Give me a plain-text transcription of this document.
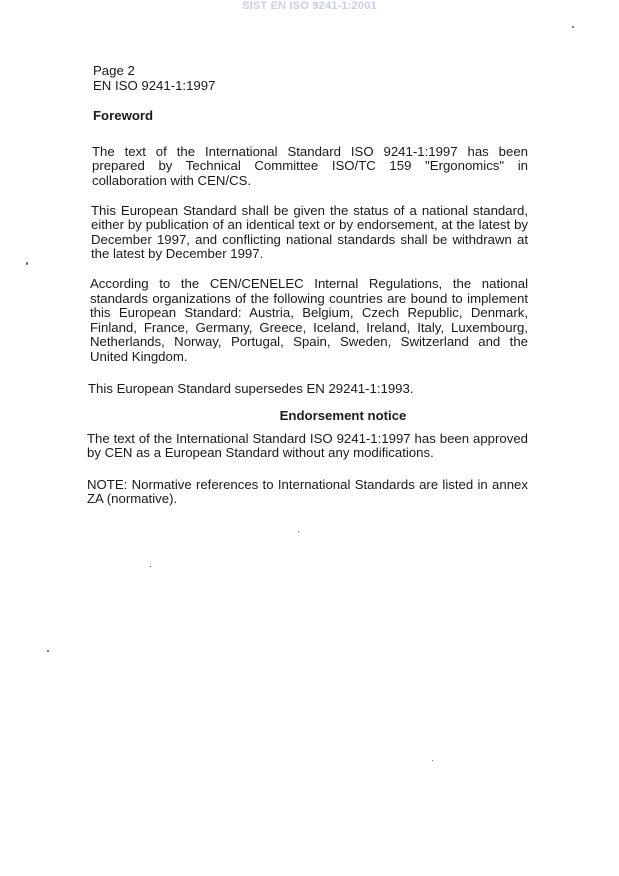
SIST EN ISO 9241-1:2001
Page 2
EN ISO 9241-1:1997
Foreword

The text of the International Standard ISO 9241-1:1997 has been prepared by Technical Committee ISO/TC 159 "Ergonomics" in collaboration with CEN/CS.

This European Standard shall be given the status of a national standard, either by publication of an identical text or by endorsement, at the latest by December 1997, and conflicting national standards shall be withdrawn at the latest by December 1997.

According to the CEN/CENELEC Internal Regulations, the national standards organizations of the following countries are bound to implement this European Standard: Austria, Belgium, Czech Republic, Denmark, Finland, France, Germany, Greece, Iceland, Ireland, Italy, Luxembourg, Netherlands, Norway, Portugal, Spain, Sweden, Switzerland and the United Kingdom.

This European Standard supersedes EN 29241-1:1993.

Endorsement notice

The text of the International Standard ISO 9241-1:1997 has been approved by CEN as a European Standard without any modifications.

NOTE: Normative references to International Standards are listed in annex ZA (normative).
